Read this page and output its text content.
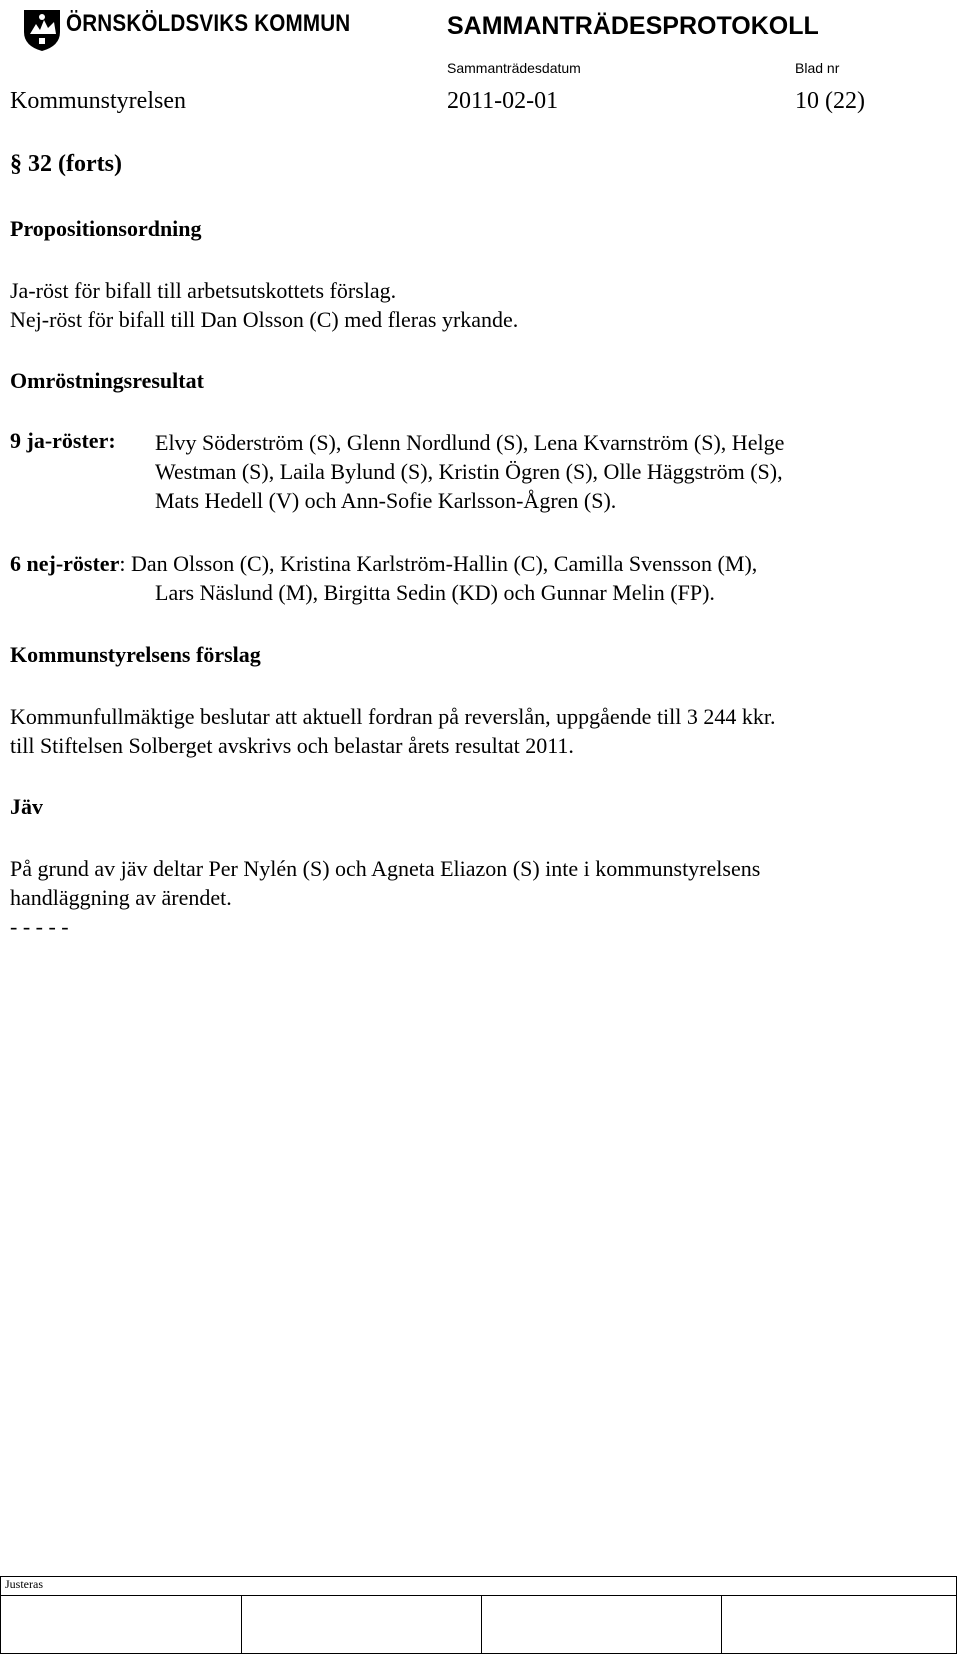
ÖRNSKÖLDSVIKS KOMMUN	SAMMANTRÄDESPROTOKOLL
Sammanträdesdatum	Blad nr
Kommunstyrelsen	2011-02-01	10 (22)
§ 32 (forts)
Propositionsordning
Ja-röst för bifall till arbetsutskottets förslag.
Nej-röst för bifall till Dan Olsson (C) med fleras yrkande.
Omröstningsresultat
9 ja-röster: Elvy Söderström (S), Glenn Nordlund (S), Lena Kvarnström (S), Helge
Westman (S), Laila Bylund (S), Kristin Ögren (S), Olle Häggström (S),
Mats Hedell (V) och Ann-Sofie Karlsson-Ågren (S).
6 nej-röster: Dan Olsson (C), Kristina Karlström-Hallin (C), Camilla Svensson (M),
Lars Näslund (M), Birgitta Sedin (KD) och Gunnar Melin (FP).
Kommunstyrelsens förslag
Kommunfullmäktige beslutar att aktuell fordran på reverslån, uppgående till 3 244 kkr.
till Stiftelsen Solberget avskrivs och belastar årets resultat 2011.
Jäv
På grund av jäv deltar Per Nylén (S) och Agneta Eliazon (S) inte i kommunstyrelsens
handläggning av ärendet.
- - - - -
Justeras
